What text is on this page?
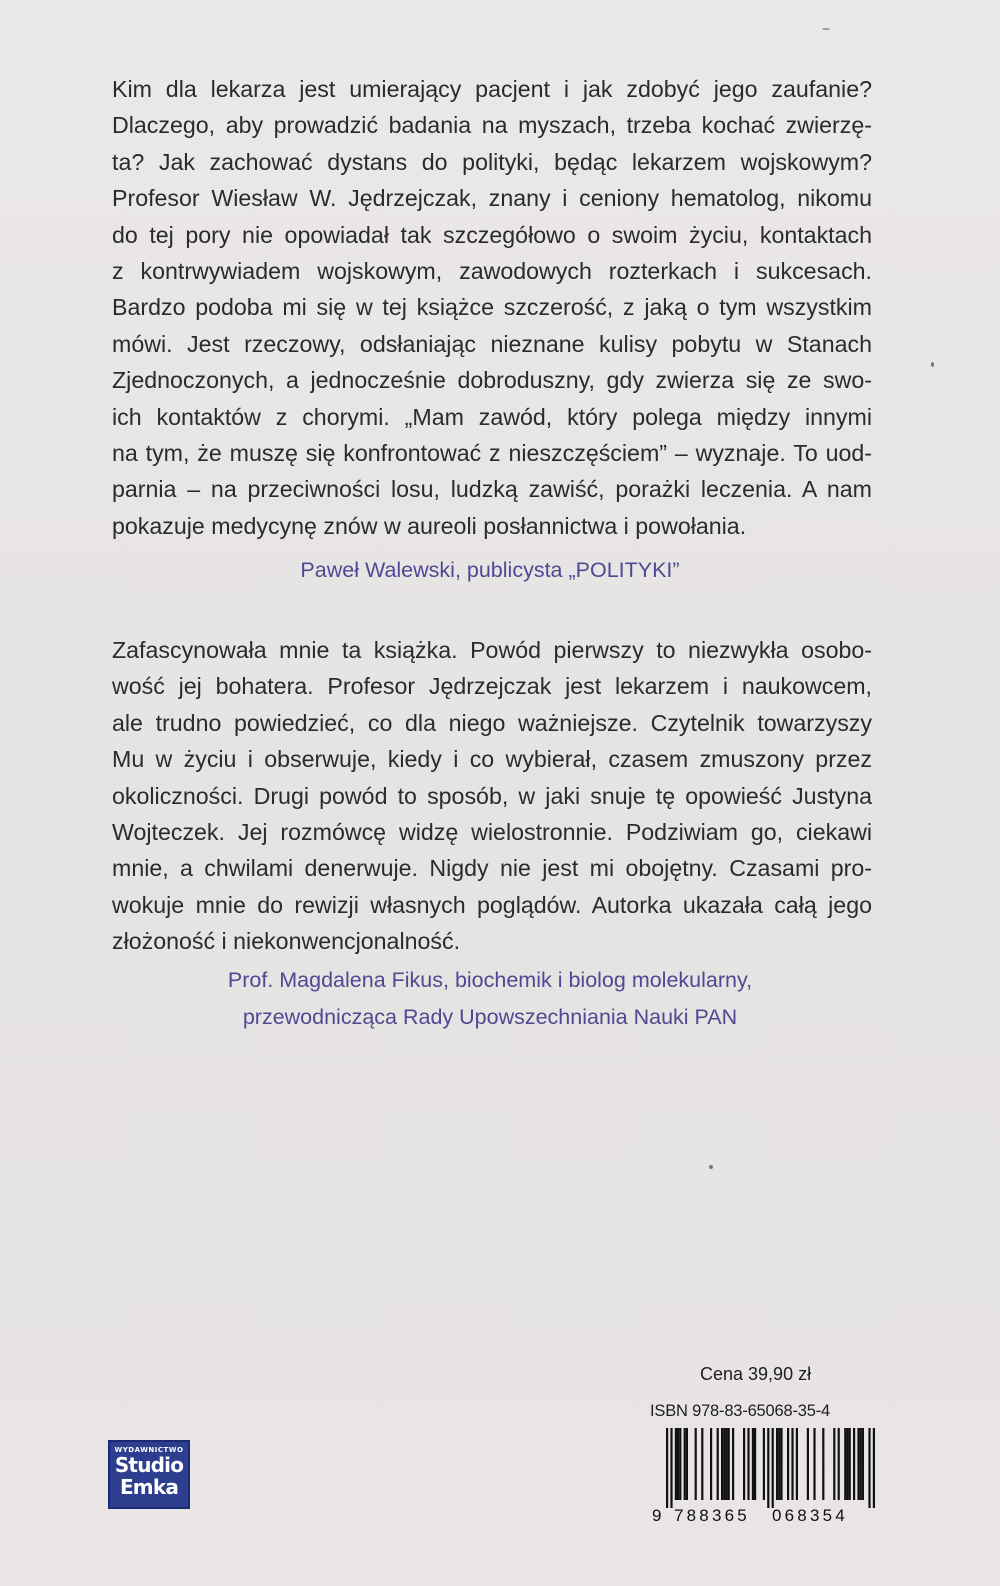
Kim dla lekarza jest umierający pacjent i jak zdobyć jego zaufanie?
Dlaczego, aby prowadzić badania na myszach, trzeba kochać zwierzę-
ta? Jak zachować dystans do polityki, będąc lekarzem wojskowym?
Profesor Wiesław W. Jędrzejczak, znany i ceniony hematolog, nikomu
do tej pory nie opowiadał tak szczegółowo o swoim życiu, kontaktach
z kontrwywiadem wojskowym, zawodowych rozterkach i sukcesach.
Bardzo podoba mi się w tej książce szczerość, z jaką o tym wszystkim
mówi. Jest rzeczowy, odsłaniając nieznane kulisy pobytu w Stanach
Zjednoczonych, a jednocześnie dobroduszny, gdy zwierza się ze swo-
ich kontaktów z chorymi. „Mam zawód, który polega między innymi
na tym, że muszę się konfrontować z nieszczęściem” – wyznaje. To uod-
parnia – na przeciwności losu, ludzką zawiść, porażki leczenia. A nam
pokazuje medycynę znów w aureoli posłannictwa i powołania.
Paweł Walewski, publicysta „POLITYKI”
Zafascynowała mnie ta książka. Powód pierwszy to niezwykła osobo-
wość jej bohatera. Profesor Jędrzejczak jest lekarzem i naukowcem,
ale trudno powiedzieć, co dla niego ważniejsze. Czytelnik towarzyszy
Mu w życiu i obserwuje, kiedy i co wybierał, czasem zmuszony przez
okoliczności. Drugi powód to sposób, w jaki snuje tę opowieść Justyna
Wojteczek. Jej rozmówcę widzę wielostronnie. Podziwiam go, ciekawi
mnie, a chwilami denerwuje. Nigdy nie jest mi obojętny. Czasami pro-
wokuje mnie do rewizji własnych poglądów. Autorka ukazała całą jego
złożoność i niekonwencjonalność.
Prof. Magdalena Fikus, biochemik i biolog molekularny,
przewodnicząca Rady Upowszechniania Nauki PAN
Cena 39,90 zł
ISBN 978-83-65068-35-4
9 788365 068354
WYDAWNICTWO
Studio
Emka
